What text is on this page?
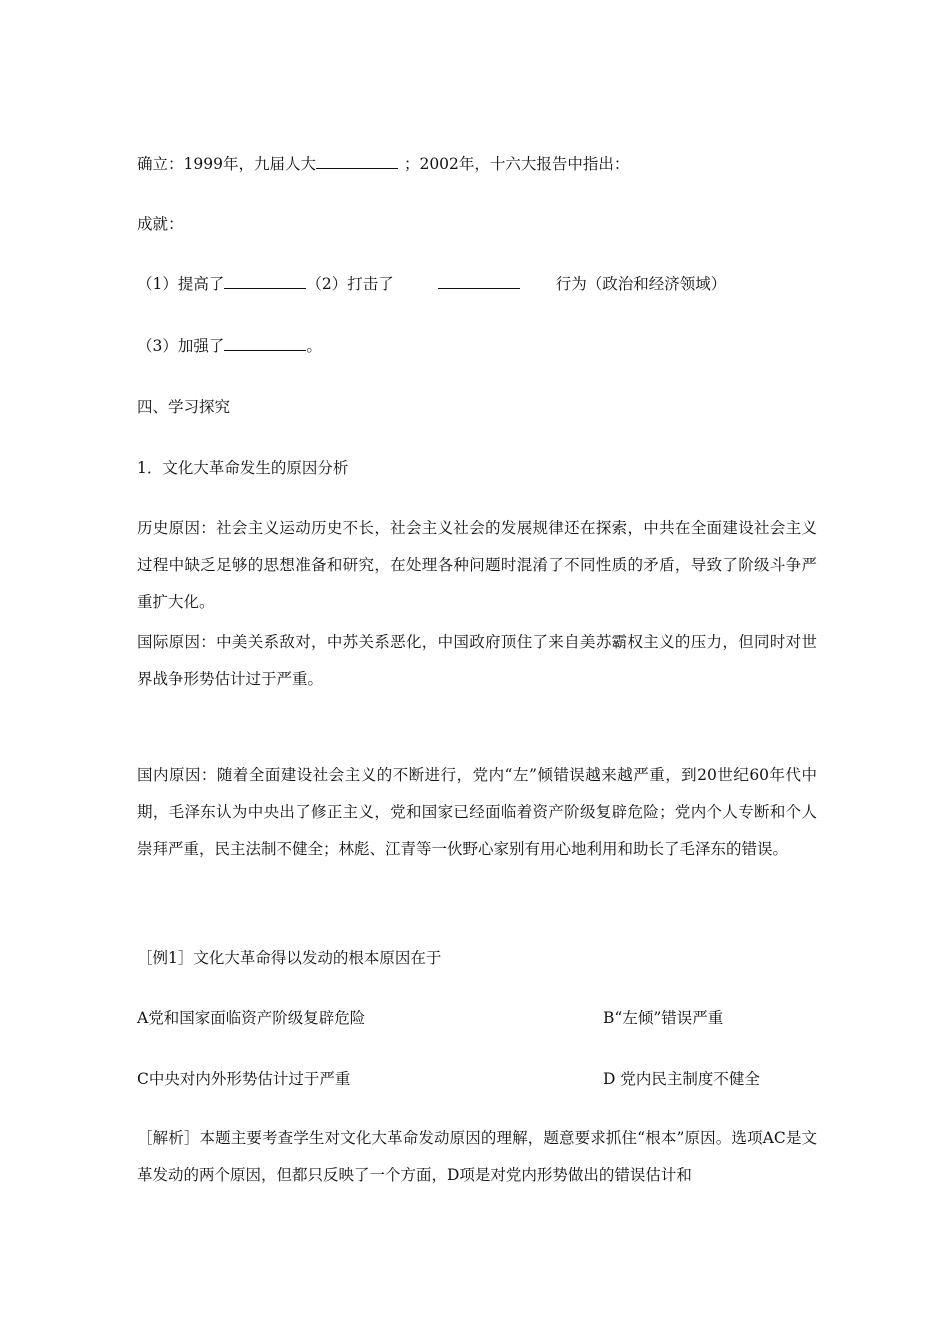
确立：1999年，九届人大	；2002年，十六大报告中指出：
成就：
（1）提高了	（2）打击了	行为（政治和经济领域）
（3）加强了	。
四、学习探究
1．文化大革命发生的原因分析
历史原因：社会主义运动历史不长，社会主义社会的发展规律还在探索，中共在全面建设社会主义过程中缺乏足够的思想准备和研究，在处理各种问题时混淆了不同性质的矛盾，导致了阶级斗争严重扩大化。
国际原因：中美关系敌对，中苏关系恶化，中国政府顶住了来自美苏霸权主义的压力，但同时对世界战争形势估计过于严重。
国内原因：随着全面建设社会主义的不断进行，党内“左”倾错误越来越严重，到20世纪60年代中期，毛泽东认为中央出了修正主义，党和国家已经面临着资产阶级复辟危险；党内个人专断和个人崇拜严重，民主法制不健全；林彪、江青等一伙野心家别有用心地利用和助长了毛泽东的错误。
［例1］文化大革命得以发动的根本原因在于
A党和国家面临资产阶级复辟危险	B“左倾”错误严重
C中央对内外形势估计过于严重	D 党内民主制度不健全
［解析］本题主要考查学生对文化大革命发动原因的理解，题意要求抓住“根本”原因。选项AC是文革发动的两个原因，但都只反映了一个方面，D项是对党内形势做出的错误估计和
